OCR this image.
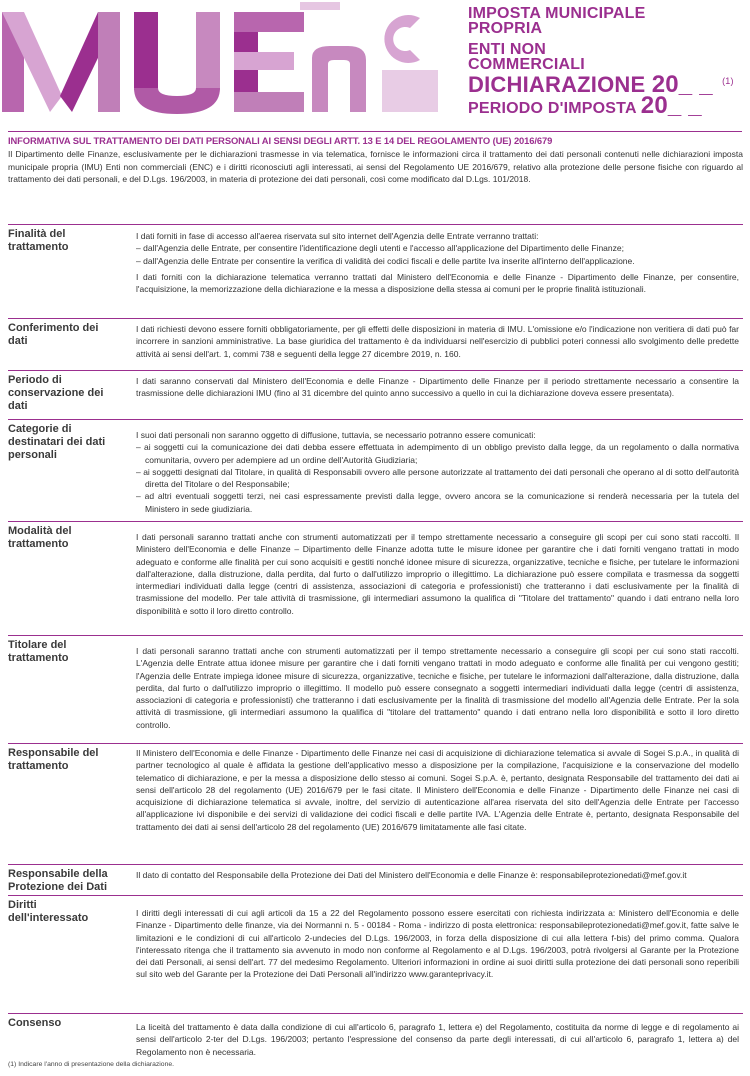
IMPOSTA MUNICIPALE
PROPRIA
ENTI NON
COMMERCIALI
DICHIARAZIONE 20_ _ $^{(1)}$
PERIODO D'IMPOSTA 20_ _
INFORMATIVA SUL TRATTAMENTO DEI DATI PERSONALI AI SENSI DEGLI ARTT. 13 E 14 DEL REGOLAMENTO (UE) 2016/679
Il Dipartimento delle Finanze, esclusivamente per le dichiarazioni trasmesse in via telematica, fornisce le informazioni circa il trattamento dei dati personali contenuti nelle dichiarazioni imposta municipale propria (IMU) Enti non commerciali (ENC) e i diritti riconosciuti agli interessati, ai sensi del Regolamento UE 2016/679, relativo alla protezione delle persone fisiche con riguardo al trattamento dei dati personali, e del D.Lgs. 196/2003, in materia di protezione dei dati personali, così come modificato dal D.Lgs. 101/2018.
Finalità del trattamento

I dati forniti in fase di accesso all'aerea riservata sul sito internet dell'Agenzia delle Entrate verranno trattati:

– dall'Agenzia delle Entrate, per consentire l'identificazione degli utenti e l'accesso all'applicazione del Dipartimento delle Finanze;

– dall'Agenzia delle Entrate per consentire la verifica di validità dei codici fiscali e delle partite Iva inserite all'interno dell'applicazione.

I dati forniti con la dichiarazione telematica verranno trattati dal Ministero dell'Economia e delle Finanze - Dipartimento delle Finanze, per consentire, l'acquisizione, la memorizzazione della dichiarazione e la messa a disposizione della stessa ai comuni per le proprie finalità istituzionali.

Conferimento dei dati

I dati richiesti devono essere forniti obbligatoriamente, per gli effetti delle disposizioni in materia di IMU. L'omissione e/o l'indicazione non veritiera di dati può far incorrere in sanzioni amministrative. La base giuridica del trattamento è da individuarsi nell'esercizio di pubblici poteri connessi allo svolgimento delle predette attività ai sensi dell'art. 1, commi 738 e seguenti della legge 27 dicembre 2019, n. 160.

Periodo di conservazione dei dati

I dati saranno conservati dal Ministero dell'Economia e delle Finanze - Dipartimento delle Finanze per il periodo strettamente necessario a consentire la trasmissione delle dichiarazioni IMU (fino al 31 dicembre del quinto anno successivo a quello in cui la dichiarazione doveva essere presentata).

Categorie di destinatari dei dati personali

I suoi dati personali non saranno oggetto di diffusione, tuttavia, se necessario potranno essere comunicati:

– ai soggetti cui la comunicazione dei dati debba essere effettuata in adempimento di un obbligo previsto dalla legge, da un regolamento o dalla normativa comunitaria, ovvero per adempiere ad un ordine dell'Autorità Giudiziaria;

– ai soggetti designati dal Titolare, in qualità di Responsabili ovvero alle persone autorizzate al trattamento dei dati personali che operano al di sotto dell'autorità diretta del Titolare o del Responsabile;

– ad altri eventuali soggetti terzi, nei casi espressamente previsti dalla legge, ovvero ancora se la comunicazione si renderà necessaria per la tutela del Ministero in sede giudiziaria.

Modalità del trattamento

I dati personali saranno trattati anche con strumenti automatizzati per il tempo strettamente necessario a conseguire gli scopi per cui sono stati raccolti. Il Ministero dell'Economia e delle Finanze – Dipartimento delle Finanze adotta tutte le misure idonee per garantire che i dati forniti vengano trattati in modo adeguato e conforme alle finalità per cui sono acquisiti e gestiti nonché idonee misure di sicurezza, organizzative, tecniche e fisiche, per tutelare le informazioni dall'alterazione, dalla distruzione, dalla perdita, dal furto o dall'utilizzo improprio o illegittimo. La dichiarazione può essere compilata e trasmessa da soggetti intermediari individuati dalla legge (centri di assistenza, associazioni di categoria e professionisti) che tratteranno i dati esclusivamente per la finalità di trasmissione del modello. Per tale attività di trasmissione, gli intermediari assumono la qualifica di "Titolare del trattamento" quando i dati entrano nella loro disponibilità e sotto il loro diretto controllo.

Titolare del trattamento

I dati personali saranno trattati anche con strumenti automatizzati per il tempo strettamente necessario a conseguire gli scopi per cui sono stati raccolti. L'Agenzia delle Entrate attua idonee misure per garantire che i dati forniti vengano trattati in modo adeguato e conforme alle finalità per cui vengono gestiti; l'Agenzia delle Entrate impiega idonee misure di sicurezza, organizzative, tecniche e fisiche, per tutelare le informazioni dall'alterazione, dalla distruzione, dalla perdita, dal furto o dall'utilizzo improprio o illegittimo. Il modello può essere consegnato a soggetti intermediari individuati dalla legge (centri di assistenza, associazioni di categoria e professionisti) che tratteranno i dati esclusivamente per la finalità di trasmissione del modello all'Agenzia delle Entrate. Per la sola attività di trasmissione, gli intermediari assumono la qualifica di "titolare del trattamento" quando i dati entrano nella loro disponibilità e sotto il loro diretto controllo.

Responsabile del trattamento

Il Ministero dell'Economia e delle Finanze - Dipartimento delle Finanze nei casi di acquisizione di dichiarazione telematica si avvale di Sogei S.p.A., in qualità di partner tecnologico al quale è affidata la gestione dell'applicativo messo a disposizione per la compilazione, l'acquisizione e la conservazione del modello telematico di dichiarazione, e per la messa a disposizione dello stesso ai comuni. Sogei S.p.A. è, pertanto, designata Responsabile del trattamento dei dati ai sensi dell'articolo 28 del regolamento (UE) 2016/679 per le fasi citate. Il Ministero dell'Economia e delle Finanze - Dipartimento delle Finanze nei casi di acquisizione di dichiarazione telematica si avvale, inoltre, del servizio di autenticazione all'area riservata del sito dell'Agenzia delle Entrate per l'accesso all'applicazione ivi disponibile e dei servizi di validazione dei codici fiscali e delle partite IVA. L'Agenzia delle Entrate è, pertanto, designata Responsabile del trattamento dei dati ai sensi dell'articolo 28 del regolamento (UE) 2016/679 limitatamente alle fasi citate.

Responsabile della Protezione dei Dati

Il dato di contatto del Responsabile della Protezione dei Dati del Ministero dell'Economia e delle Finanze è: responsabileprotezionedati@mef.gov.it

Diritti dell'interessato	I diritti degli interessati di cui agli articoli da 15 a 22 del Regolamento possono essere esercitati con richiesta indirizzata a: Ministero dell'Economia e delle Finanze - Dipartimento delle finanze, via dei Normanni n. 5 - 00184 - Roma - indirizzo di posta elettronica: responsabileprotezionedati@mef.gov.it, fatte salve le limitazioni e le condizioni di cui all'articolo 2-undecies del D.Lgs. 196/2003, in forza della disposizione di cui alla lettera f-bis) del primo comma. Qualora l'interessato ritenga che il trattamento sia avvenuto in modo non conforme al Regolamento e al D.Lgs. 196/2003, potrà rivolgersi al Garante per la Protezione dei dati Personali, ai sensi dell'art. 77 del medesimo Regolamento. Ulteriori informazioni in ordine ai suoi diritti sulla protezione dei dati personali sono reperibili sul sito web del Garante per la Protezione dei Dati Personali all'indirizzo www.garanteprivacy.it.

Consenso	La liceità del trattamento è data dalla condizione di cui all'articolo 6, paragrafo 1, lettera e) del Regolamento, costituita da norme di legge e di regolamento ai sensi dell'articolo 2-ter del D.Lgs. 196/2003; pertanto l'espressione del consenso da parte degli interessati, di cui all'articolo 6, paragrafo 1, lettera a) del Regolamento non è necessaria.

(1) Indicare l'anno di presentazione della dichiarazione.
